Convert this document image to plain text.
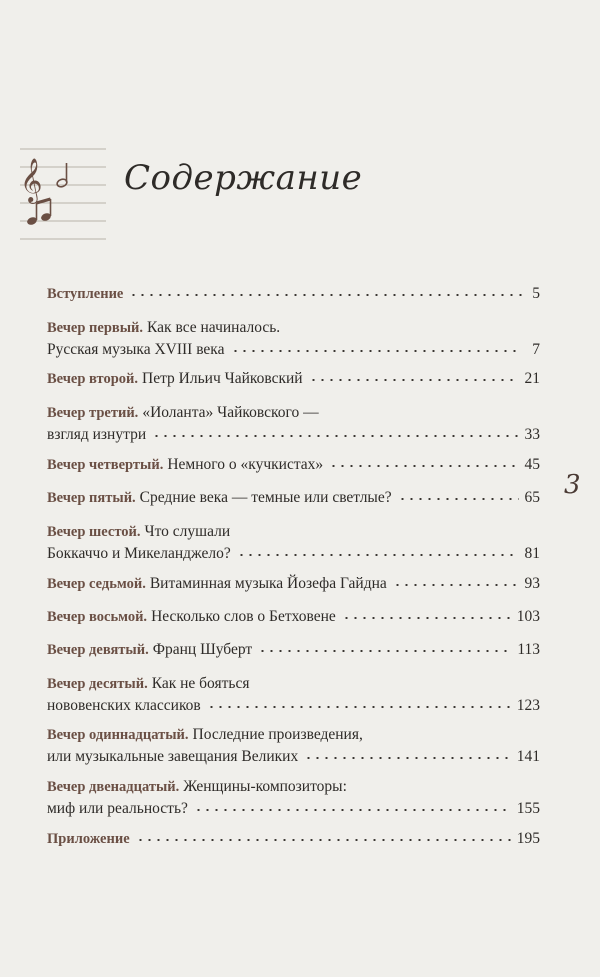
𝄞 Содержание
Вступление	5
Вечер первый. Как все начиналось.
Русская музыка XVIII века	7
Вечер второй. Петр Ильич Чайковский	21
Вечер третий. «Иоланта» Чайковского —
взгляд изнутри	33
Вечер четвертый. Немного о «кучкистах»	45
Вечер пятый. Средние века — темные или светлые?	65
Вечер шестой. Что слушали
Боккаччо и Микеланджело?	81
Вечер седьмой. Витаминная музыка Йозефа Гайдна	93
Вечер восьмой. Несколько слов о Бетховене	103
Вечер девятый. Франц Шуберт	113
Вечер десятый. Как не бояться
нововенских классиков	123
Вечер одиннадцатый. Последние произведения,
или музыкальные завещания Великих	141
Вечер двенадцатый. Женщины-композиторы:
миф или реальность?	155
Приложение	195
3
